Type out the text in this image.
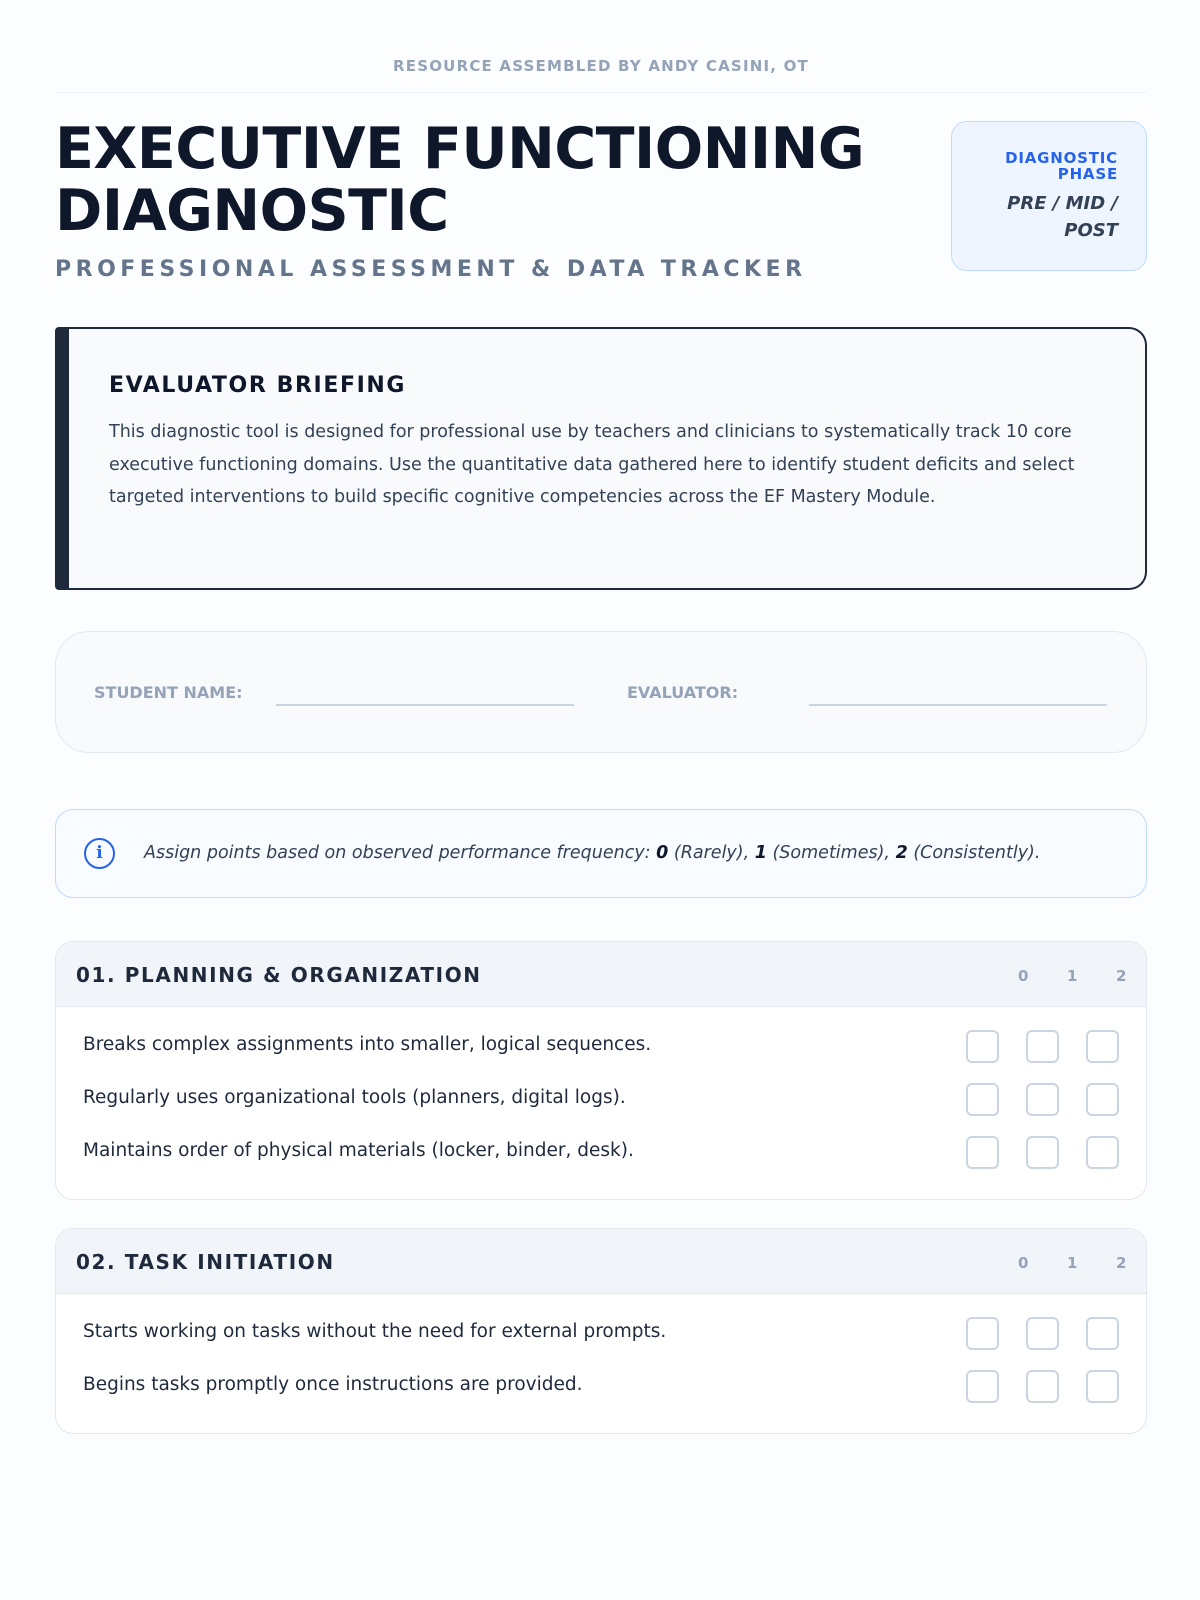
RESOURCE ASSEMBLED BY ANDY CASINI, OT
EXECUTIVE FUNCTIONING
DIAGNOSTIC
PROFESSIONAL ASSESSMENT & DATA TRACKER
DIAGNOSTIC
PHASE
PRE / MID /
POST
EVALUATOR BRIEFING

This diagnostic tool is designed for professional use by teachers and clinicians to systematically track 10 core executive functioning domains. Use the quantitative data gathered here to identify student deficits and select targeted interventions to build specific cognitive competencies across the EF Mastery Module.

STUDENT NAME:	EVALUATOR:
i	Assign points based on observed performance frequency: 0 (Rarely), 1 (Sometimes), 2 (Consistently).
01. PLANNING & ORGANIZATION	0	1	2
Breaks complex assignments into smaller, logical sequences.
Regularly uses organizational tools (planners, digital logs).
Maintains order of physical materials (locker, binder, desk).
02. TASK INITIATION	0	1	2
Starts working on tasks without the need for external prompts.
Begins tasks promptly once instructions are provided.
